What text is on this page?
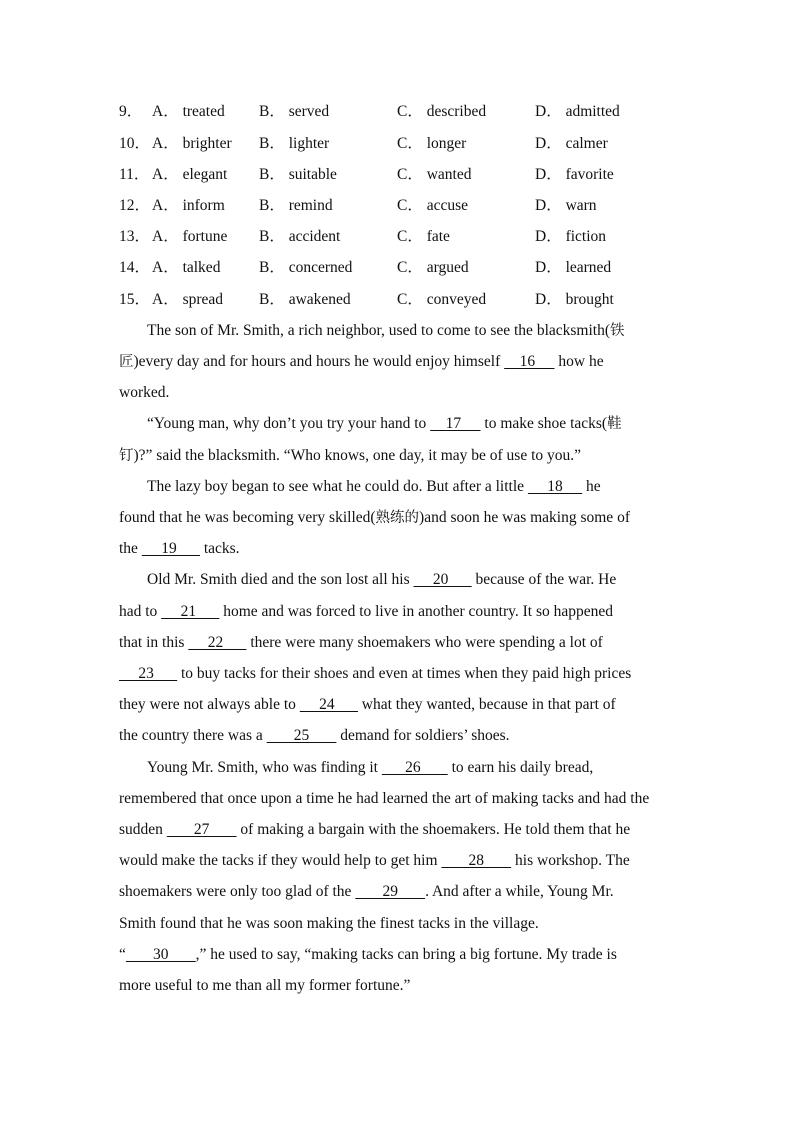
9． A． treated B． served	C． described	D． admitted
10． A． brighter B． lighter	C． longer	D． calmer
11． A． elegant B． suitable	C． wanted	D． favorite
12． A． inform B． remind	C． accuse	D． warn
13． A． fortune B． accident	C． fate	D． fiction
14． A． talked B． concerned	C． argued	D． learned
15． A． spread B． awakened	C． conveyed	D． brought
The son of Mr. Smith, a rich neighbor, used to come to see the blacksmith(铁
匠)every day and for hours and hours he would enjoy himself     16      how he
worked.
“Young man, why don’t you try your hand to     17      to make shoe tacks(鞋
钉)?” said the blacksmith. “Who knows, one day, it may be of use to you.”
The lazy boy began to see what he could do. But after a little      18      he
found that he was becoming very skilled(熟练的)and soon he was making some of
the      19       tacks.
Old Mr. Smith died and the son lost all his      20       because of the war. He
had to      21       home and was forced to live in another country. It so happened
that in this      22       there were many shoemakers who were spending a lot of
23       to buy tacks for their shoes and even at times when they paid high prices
they were not always able to      24       what they wanted, because in that part of
the country there was a        25        demand for soldiers’ shoes.
Young Mr. Smith, who was finding it       26        to earn his daily bread,
remembered that once upon a time he had learned the art of making tacks and had the
sudden        27        of making a bargain with the shoemakers. He told them that he
would make the tacks if they would help to get him        28        his workshop. The
shoemakers were only too glad of the        29       . And after a while, Young Mr.
Smith found that he was soon making the finest tacks in the village.
“       30       ,” he used to say, “making tacks can bring a big fortune. My trade is
more useful to me than all my former fortune.”
